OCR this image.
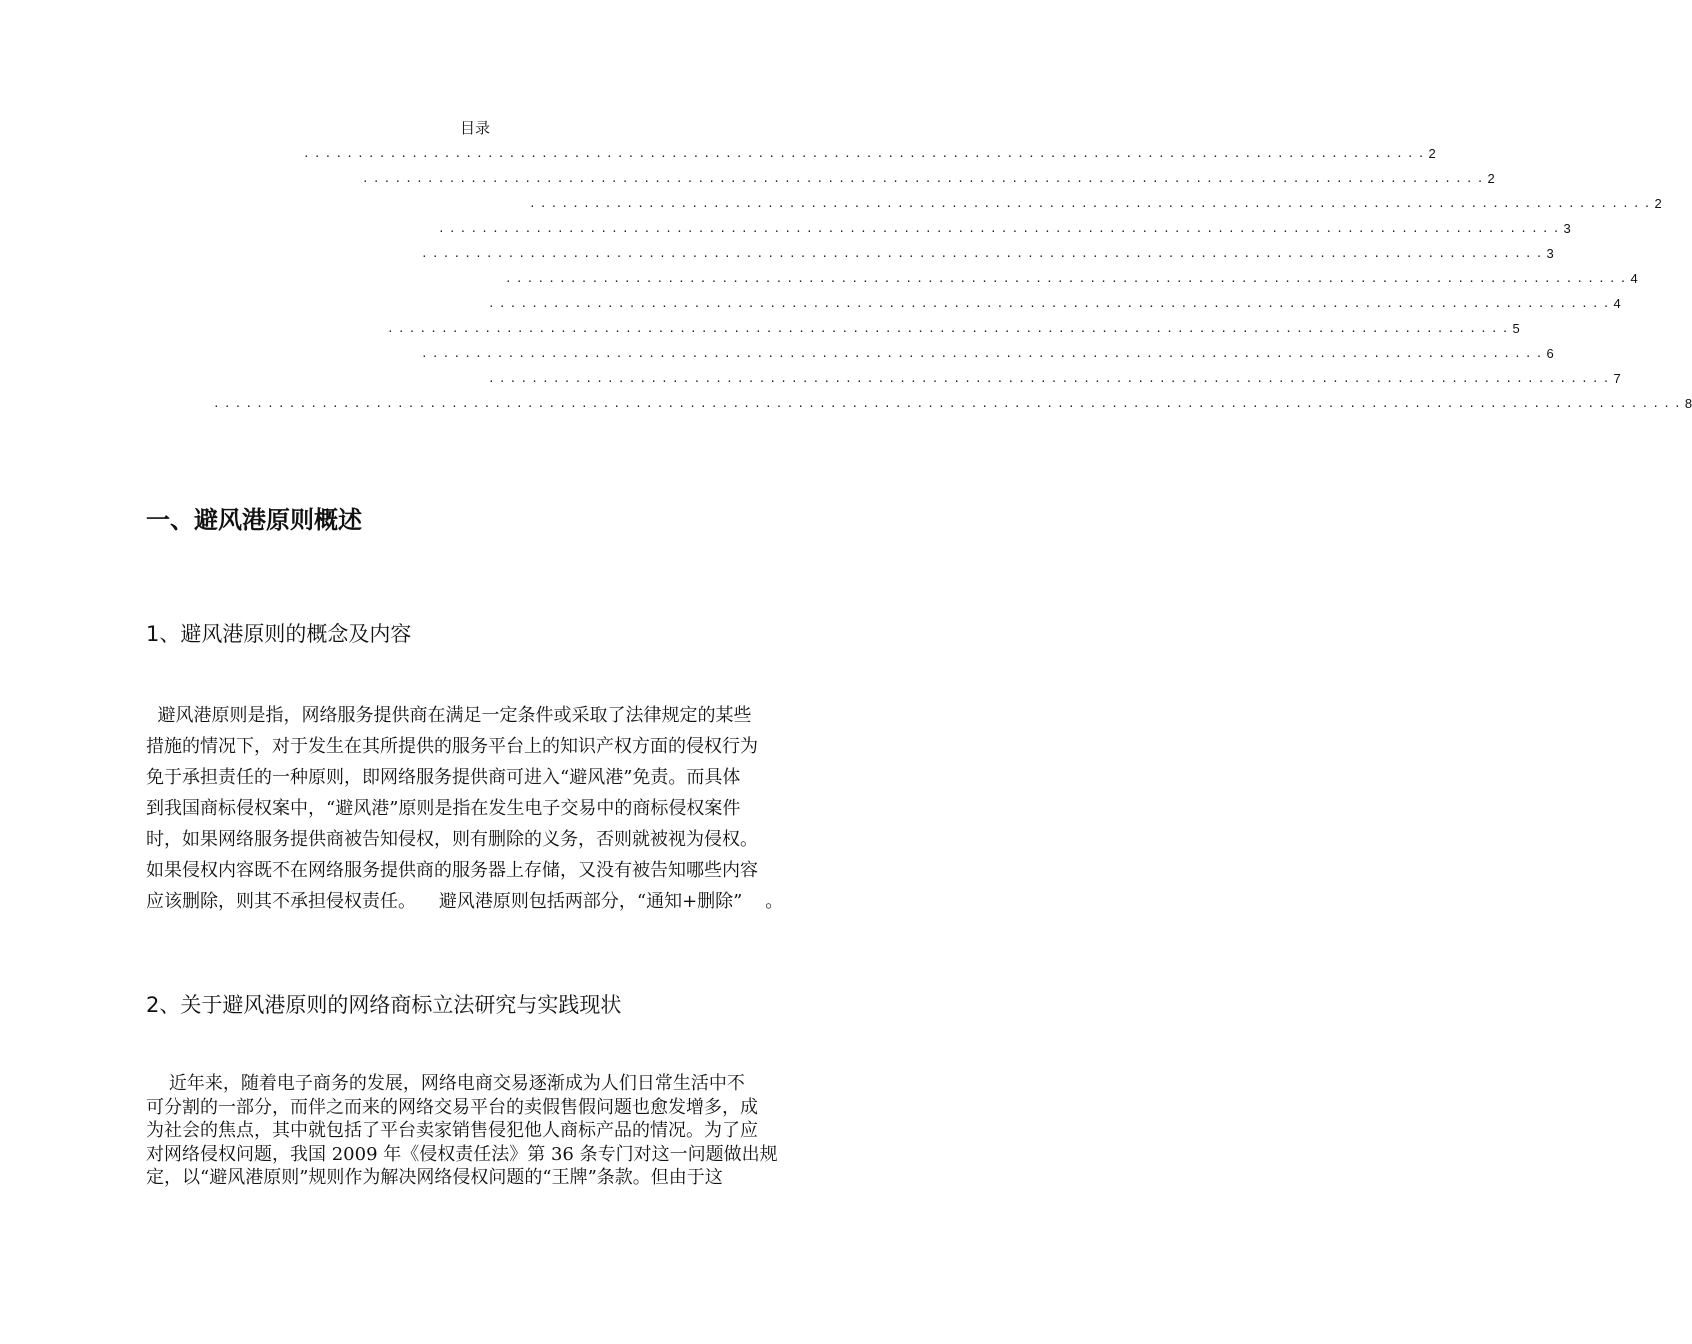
目录
........................................................................................................ 2
........................................................................................................ 2
........................................................................................................ 2
........................................................................................................ 3
........................................................................................................ 3
........................................................................................................ 4
........................................................................................................ 4
........................................................................................................ 5
........................................................................................................ 6
........................................................................................................ 7
........................................................................................................................................ 8
一、避风港原则概述
1、避风港原则的概念及内容
避风港原则是指，网络服务提供商在满足一定条件或采取了法律规定的某些
措施的情况下，对于发生在其所提供的服务平台上的知识产权方面的侵权行为
免于承担责任的一种原则，即网络服务提供商可进入“避风港”免责。而具体
到我国商标侵权案中，“避风港”原则是指在发生电子交易中的商标侵权案件
时，如果网络服务提供商被告知侵权，则有删除的义务，否则就被视为侵权。
如果侵权内容既不在网络服务提供商的服务器上存储，又没有被告知哪些内容
应该删除，则其不承担侵权责任。    避风港原则包括两部分，“通知+删除”    。
2、关于避风港原则的网络商标立法研究与实践现状
近年来，随着电子商务的发展，网络电商交易逐渐成为人们日常生活中不
可分割的一部分，而伴之而来的网络交易平台的卖假售假问题也愈发增多，成
为社会的焦点，其中就包括了平台卖家销售侵犯他人商标产品的情况。为了应
对网络侵权问题，我国 2009 年《侵权责任法》第 36 条专门对这一问题做出规
定，以“避风港原则”规则作为解决网络侵权问题的“王牌”条款。但由于这
